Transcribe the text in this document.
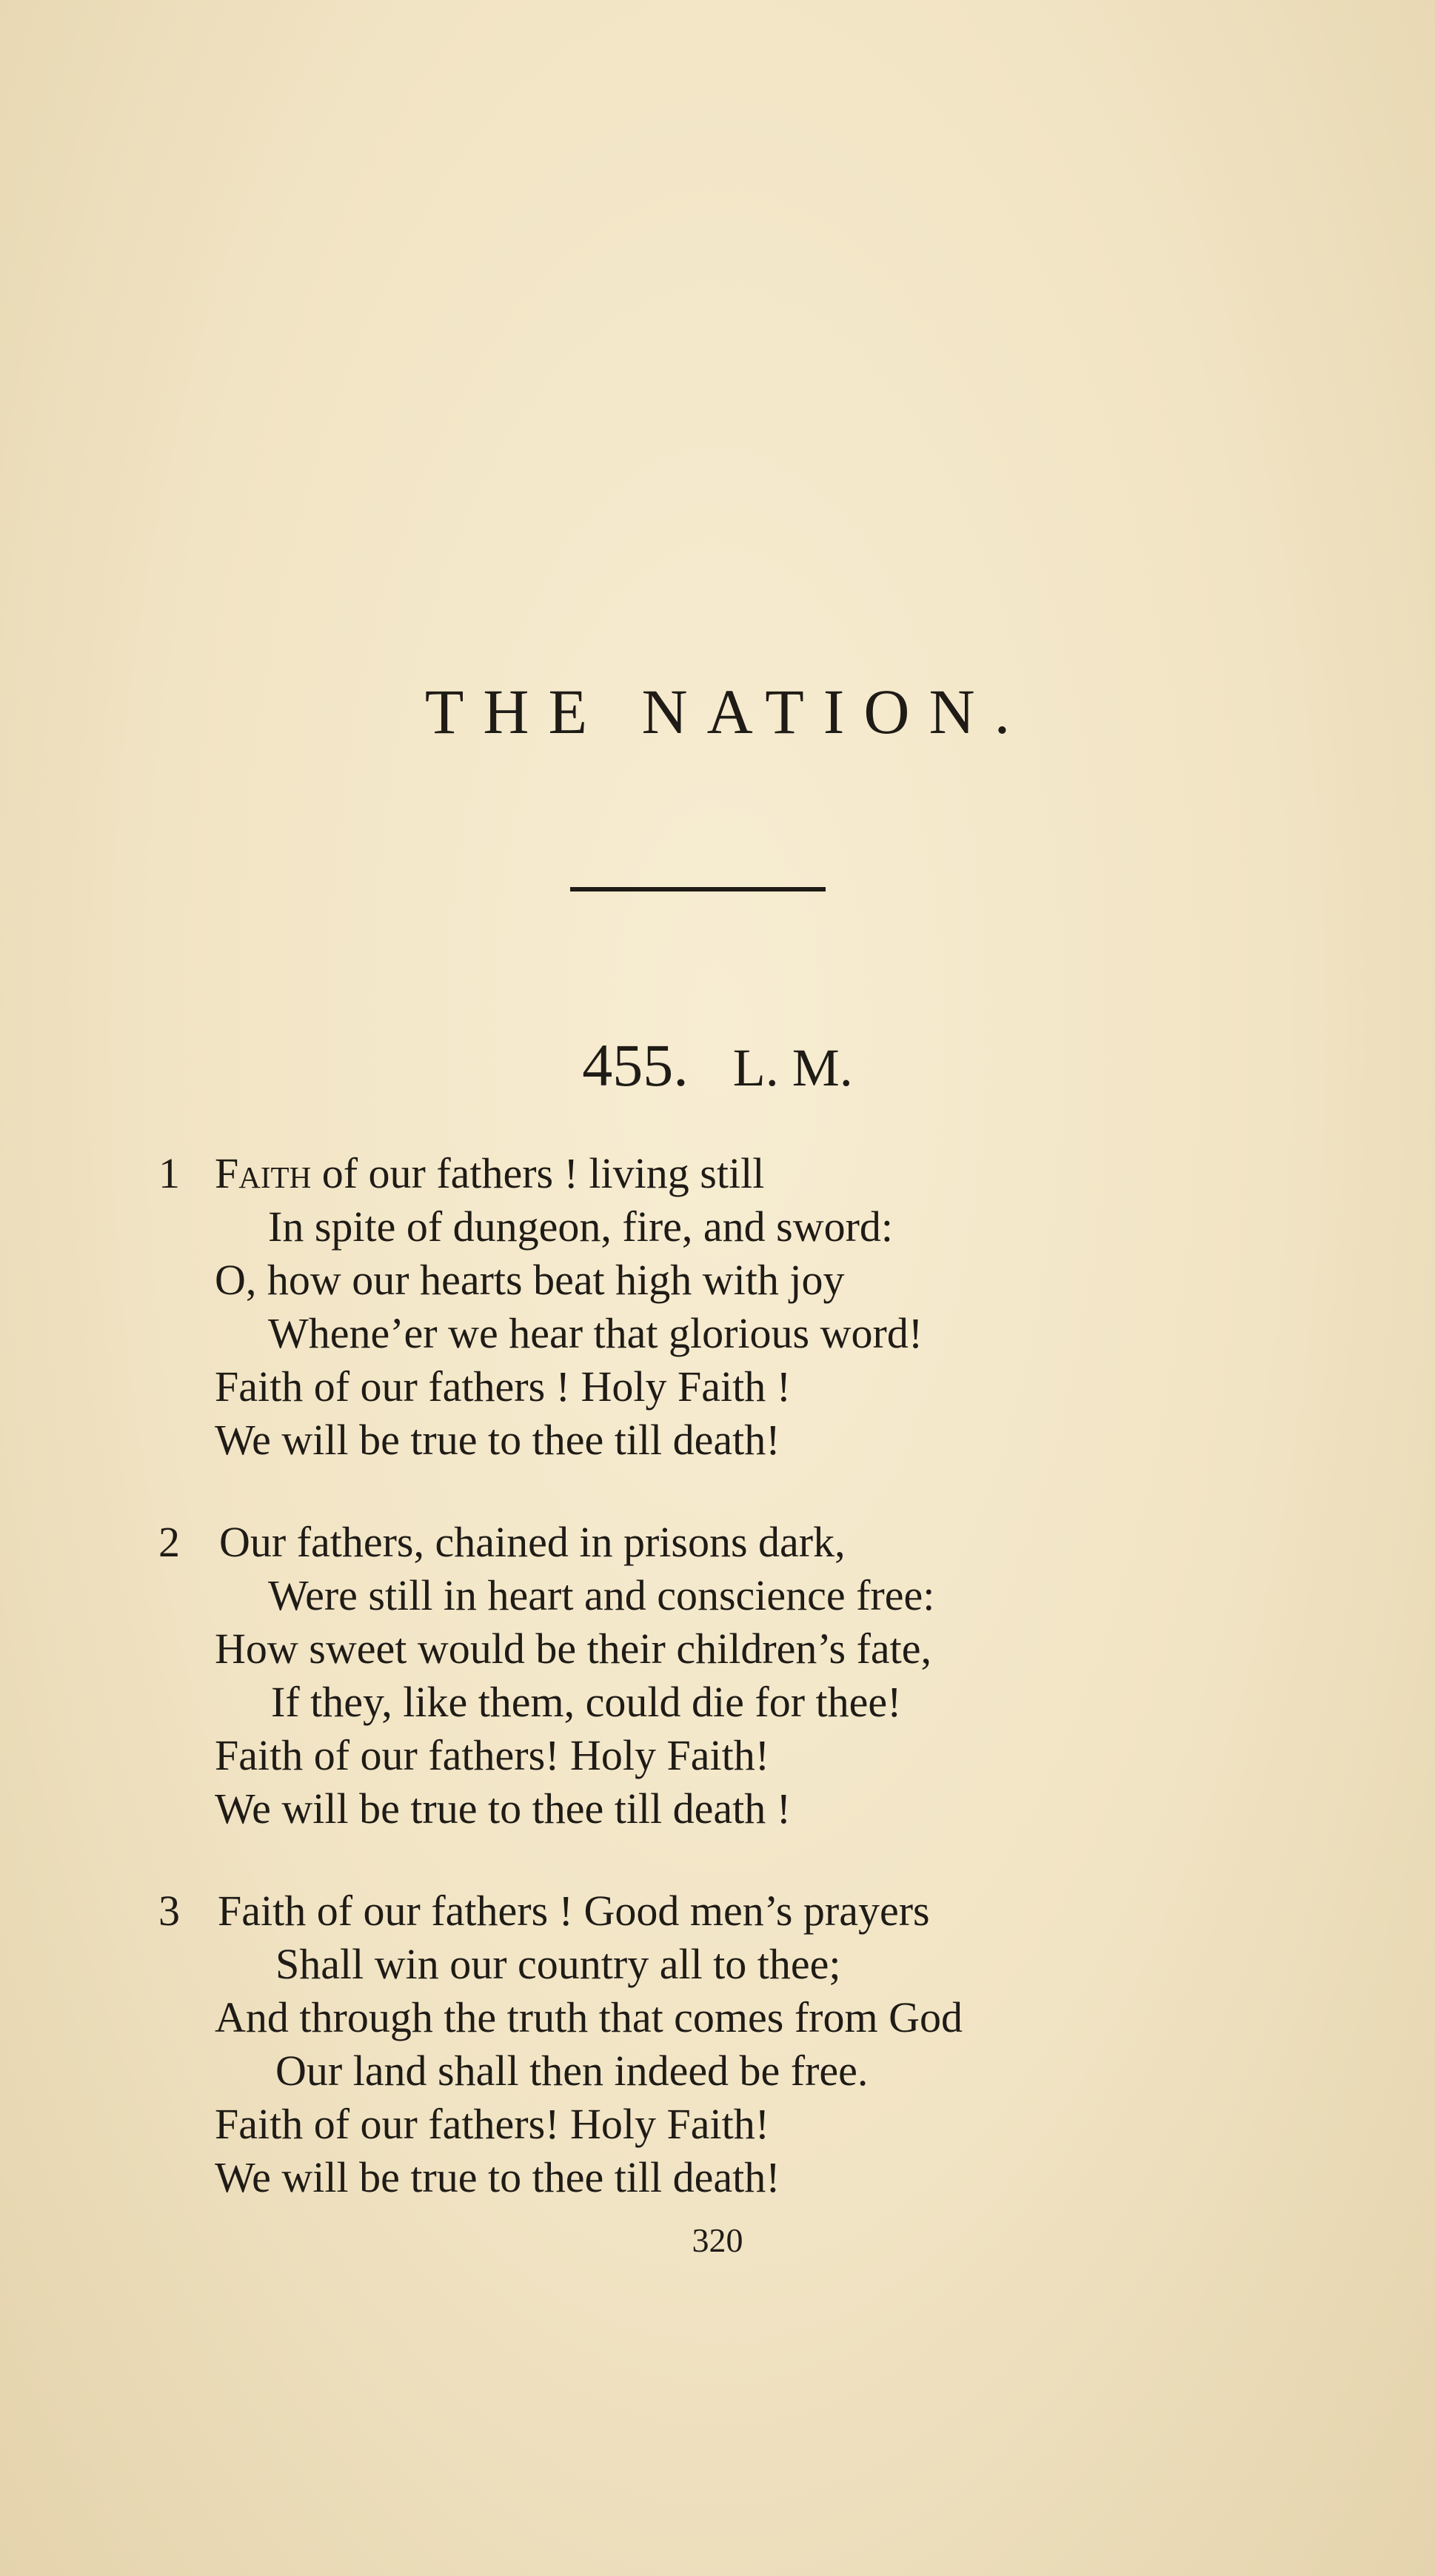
THE NATION.
455. L. M.
1 Faith of our fathers ! living still
In spite of dungeon, fire, and sword:
O, how our hearts beat high with joy
Whene’er we hear that glorious word!
Faith of our fathers ! Holy Faith !
We will be true to thee till death!
2 Our fathers, chained in prisons dark,
Were still in heart and conscience free:
How sweet would be their children’s fate,
If they, like them, could die for thee!
Faith of our fathers! Holy Faith!
We will be true to thee till death !
3 Faith of our fathers ! Good men’s prayers
Shall win our country all to thee;
And through the truth that comes from God
Our land shall then indeed be free.
Faith of our fathers! Holy Faith!
We will be true to thee till death!
320
